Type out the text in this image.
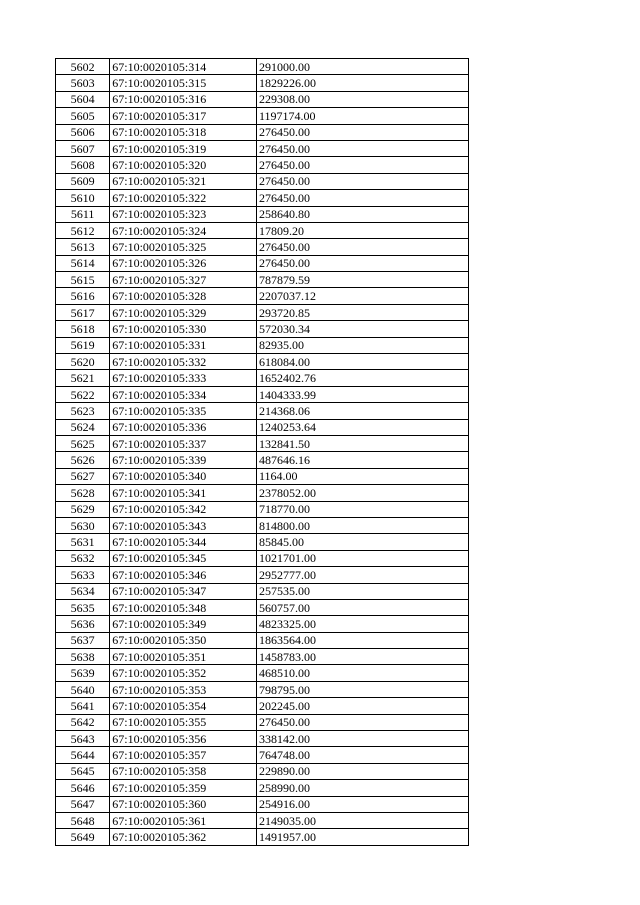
5602	67:10:0020105:314	291000.00
5603	67:10:0020105:315	1829226.00
5604	67:10:0020105:316	229308.00
5605	67:10:0020105:317	1197174.00
5606	67:10:0020105:318	276450.00
5607	67:10:0020105:319	276450.00
5608	67:10:0020105:320	276450.00
5609	67:10:0020105:321	276450.00
5610	67:10:0020105:322	276450.00
5611	67:10:0020105:323	258640.80
5612	67:10:0020105:324	17809.20
5613	67:10:0020105:325	276450.00
5614	67:10:0020105:326	276450.00
5615	67:10:0020105:327	787879.59
5616	67:10:0020105:328	2207037.12
5617	67:10:0020105:329	293720.85
5618	67:10:0020105:330	572030.34
5619	67:10:0020105:331	82935.00
5620	67:10:0020105:332	618084.00
5621	67:10:0020105:333	1652402.76
5622	67:10:0020105:334	1404333.99
5623	67:10:0020105:335	214368.06
5624	67:10:0020105:336	1240253.64
5625	67:10:0020105:337	132841.50
5626	67:10:0020105:339	487646.16
5627	67:10:0020105:340	1164.00
5628	67:10:0020105:341	2378052.00
5629	67:10:0020105:342	718770.00
5630	67:10:0020105:343	814800.00
5631	67:10:0020105:344	85845.00
5632	67:10:0020105:345	1021701.00
5633	67:10:0020105:346	2952777.00
5634	67:10:0020105:347	257535.00
5635	67:10:0020105:348	560757.00
5636	67:10:0020105:349	4823325.00
5637	67:10:0020105:350	1863564.00
5638	67:10:0020105:351	1458783.00
5639	67:10:0020105:352	468510.00
5640	67:10:0020105:353	798795.00
5641	67:10:0020105:354	202245.00
5642	67:10:0020105:355	276450.00
5643	67:10:0020105:356	338142.00
5644	67:10:0020105:357	764748.00
5645	67:10:0020105:358	229890.00
5646	67:10:0020105:359	258990.00
5647	67:10:0020105:360	254916.00
5648	67:10:0020105:361	2149035.00
5649	67:10:0020105:362	1491957.00
